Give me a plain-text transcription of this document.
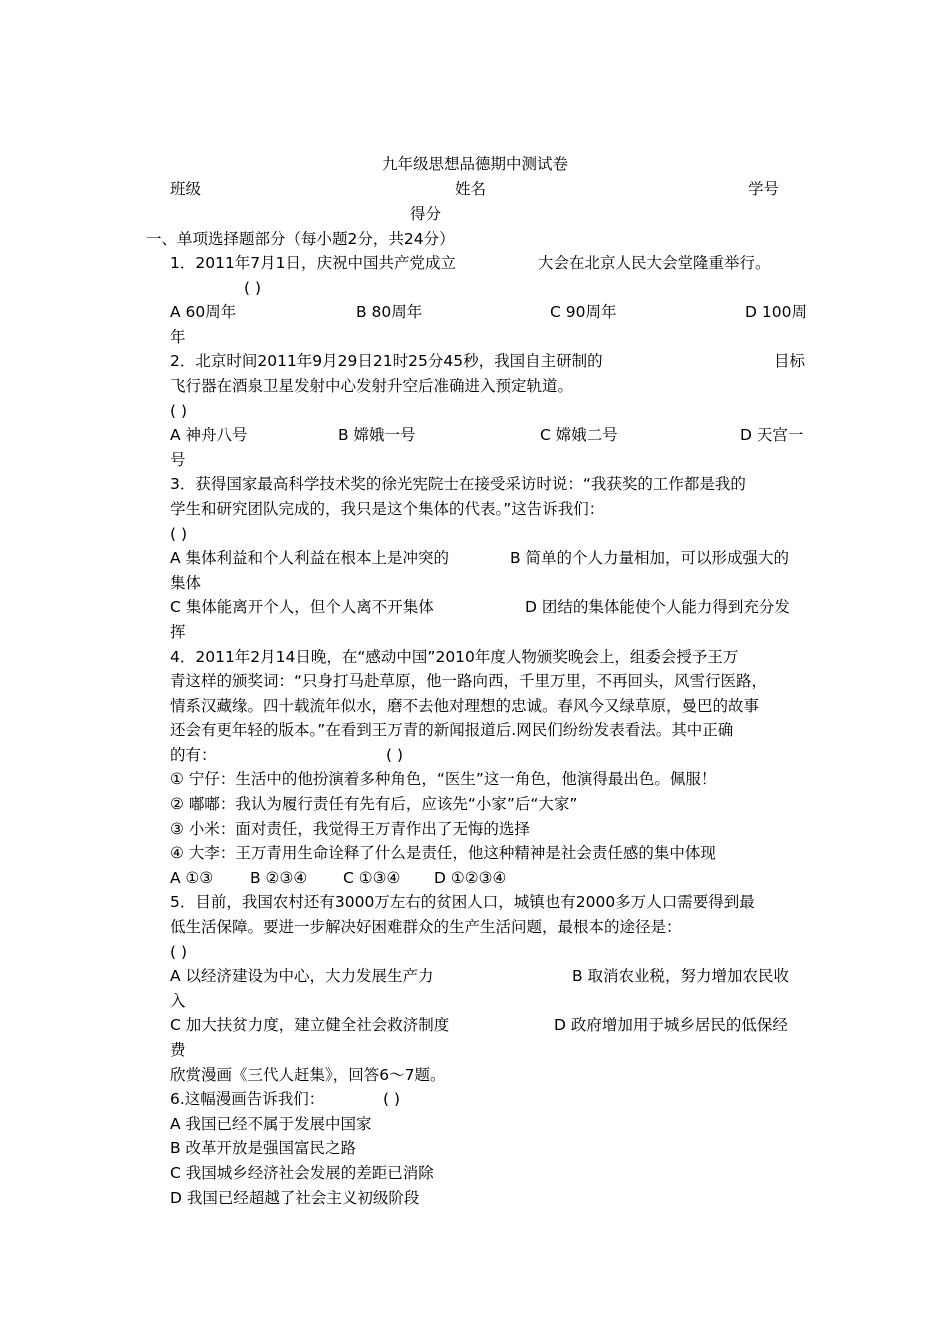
九年级思想品德期中测试卷
班级	姓名	学号
得分
一、单项选择题部分（每小题2分，共24分）
1．2011年7月1日，庆祝中国共产党成立	大会在北京人民大会堂隆重举行。
( )
A 60周年	B 80周年	C 90周年	D 100周
年
2．北京时间2011年9月29日21时25分45秒，我国自主研制的	目标
飞行器在酒泉卫星发射中心发射升空后准确进入预定轨道。
( )
A 神舟八号	B 嫦娥一号	C 嫦娥二号	D 天宫一
号
3．获得国家最高科学技术奖的徐光宪院士在接受采访时说：“我获奖的工作都是我的
学生和研究团队完成的，我只是这个集体的代表。”这告诉我们：
( )
A 集体利益和个人利益在根本上是冲突的	B 简单的个人力量相加，可以形成强大的
集体
C 集体能离开个人，但个人离不开集体	D 团结的集体能使个人能力得到充分发
挥
4．2011年2月14日晚，在“感动中国”2010年度人物颁奖晚会上，组委会授予王万
青这样的颁奖词：“只身打马赴草原，他一路向西，千里万里，不再回头，风雪行医路，
情系汉藏缘。四十载流年似水，磨不去他对理想的忠诚。春风今又绿草原，曼巴的故事
还会有更年轻的版本。”在看到王万青的新闻报道后.网民们纷纷发表看法。其中正确
的有：	( )
① 宁仔：生活中的他扮演着多种角色，“医生”这一角色，他演得最出色。佩服！
② 嘟嘟：我认为履行责任有先有后，应该先“小家”后“大家”
③ 小米：面对责任，我觉得王万青作出了无悔的选择
④ 大李：王万青用生命诠释了什么是责任，他这种精神是社会责任感的集中体现
A ①③ B ②③④ C ①③④ D ①②③④
5．目前，我国农村还有3000万左右的贫困人口，城镇也有2000多万人口需要得到最
低生活保障。要进一步解决好困难群众的生产生活问题，最根本的途径是：
( )
A 以经济建设为中心，大力发展生产力	B 取消农业税，努力增加农民收
入
C 加大扶贫力度，建立健全社会救济制度	D 政府增加用于城乡居民的低保经
费
欣赏漫画《三代人赶集》，回答6～7题。
6.这幅漫画告诉我们：	( )
A 我国已经不属于发展中国家
B 改革开放是强国富民之路
C 我国城乡经济社会发展的差距已消除
D 我国已经超越了社会主义初级阶段
